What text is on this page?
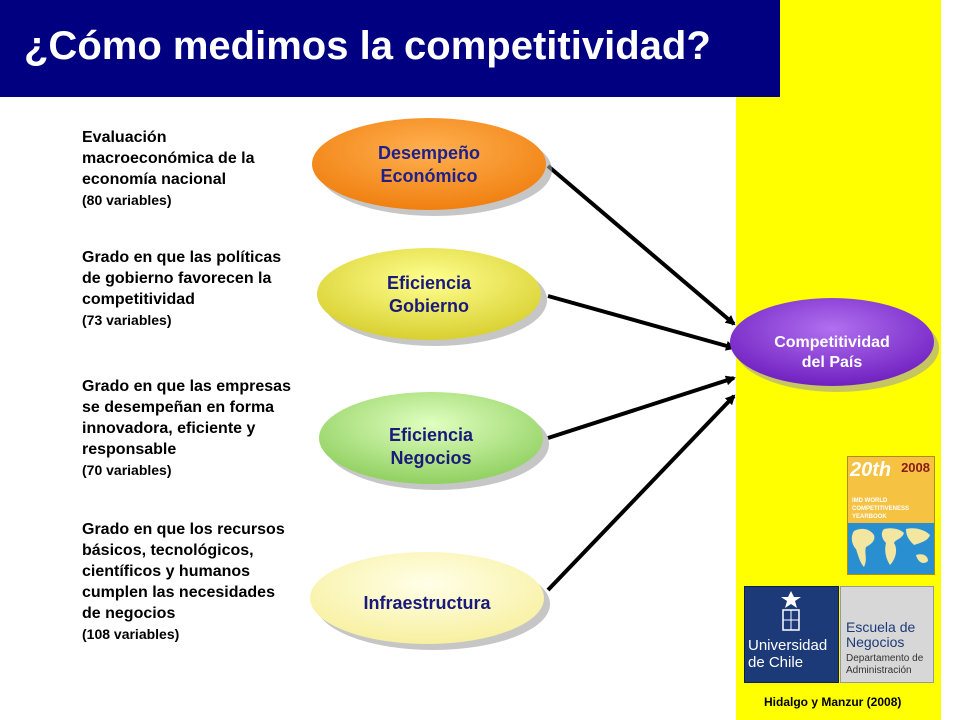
¿Cómo medimos la competitividad?
Evaluación
macroeconómica de la
economía nacional
(80 variables)
Grado en que las políticas
de gobierno favorecen la
competitividad
(73 variables)
Grado en que las empresas
se desempeñan en forma
innovadora, eficiente y
responsable
(70 variables)
Grado en que los recursos
básicos, tecnológicos,
científicos y humanos
cumplen las necesidades
de negocios
(108 variables)
Desempeño
Económico
Eficiencia
Gobierno
Eficiencia
Negocios
Infraestructura
Competitividad
del País
20th 2008
IMD WORLD
COMPETITIVENESS
YEARBOOK
Universidad
de Chile
Escuela de
Negocios
Departamento de
Administración
Hidalgo y Manzur (2008)
